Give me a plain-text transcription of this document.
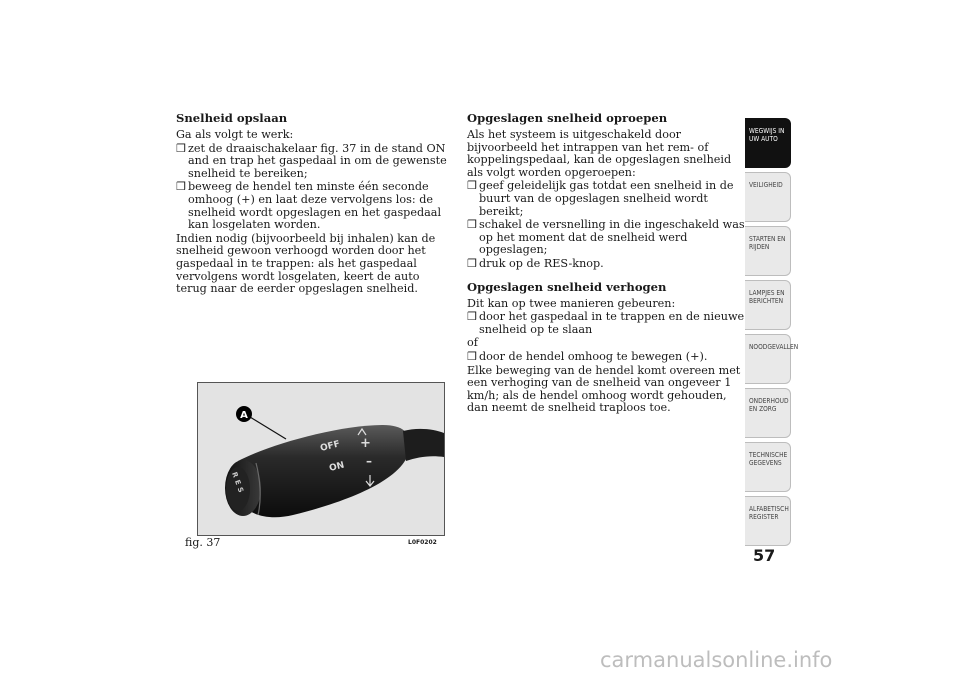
Snelheid opslaan

Ga als volgt te werk:

❒ zet de draaischakelaar fig. 37 in de stand ON and en trap het gaspedaal in om de gewenste snelheid te bereiken;
❒ beweeg de hendel ten minste één seconde omhoog (+) en laat deze vervolgens los: de snelheid wordt opgeslagen en het gaspedaal kan losgelaten worden.

Indien nodig (bijvoorbeeld bij inhalen) kan de snelheid gewoon verhoogd worden door het gaspedaal in te trappen: als het gaspedaal vervolgens wordt losgelaten, keert de auto terug naar de eerder opgeslagen snelheid.

Opgeslagen snelheid oproepen

Als het systeem is uitgeschakeld door bijvoorbeeld het intrappen van het rem- of koppelingspedaal, kan de opgeslagen snelheid als volgt worden opgeroepen:

❒ geef geleidelijk gas totdat een snelheid in de buurt van de opgeslagen snelheid wordt bereikt;
❒ schakel de versnelling in die ingeschakeld was op het moment dat de snelheid werd opgeslagen;
❒ druk op de RES-knop.
Opgeslagen snelheid verhogen

Dit kan op twee manieren gebeuren:

❒ door het gaspedaal in te trappen en de nieuwe snelheid op te slaan

of

❒ door de hendel omhoog te bewegen (+).

Elke beweging van de hendel komt overeen met een verhoging van de snelheid van ongeveer 1 km/h; als de hendel omhoog wordt gehouden, dan neemt de snelheid traploos toe.

A
OFF
ON
+
–
RES
fig. 37	L0F0202
WEGWIJS IN UW AUTO
VEILIGHEID
STARTEN EN RIJDEN
LAMPJES EN BERICHTEN
NOODGEVALLEN
ONDERHOUD EN ZORG
TECHNISCHE GEGEVENS
ALFABETISCH REGISTER
57
carmanualsonline.info
